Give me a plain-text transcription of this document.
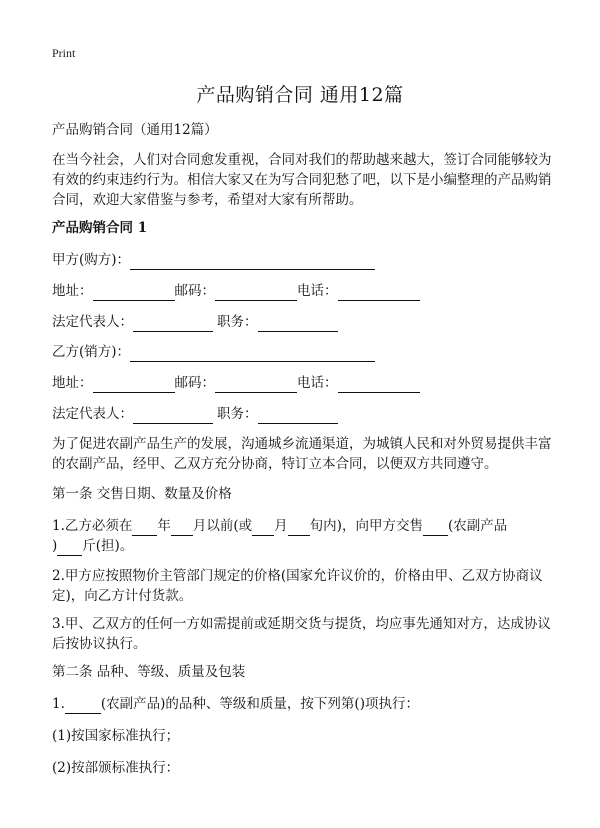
Print
产品购销合同 通用12篇
产品购销合同（通用12篇）
在当今社会，人们对合同愈发重视，合同对我们的帮助越来越大，签订合同能够较为有效的约束违约行为。相信大家又在为写合同犯愁了吧，以下是小编整理的产品购销合同，欢迎大家借鉴与参考，希望对大家有所帮助。
产品购销合同 1
甲方(购方)：
地址：	邮码：	电话：
法定代表人：	职务：
乙方(销方)：
地址：	邮码：	电话：
法定代表人：	职务：
为了促进农副产品生产的发展，沟通城乡流通渠道，为城镇人民和对外贸易提供丰富的农副产品，经甲、乙双方充分协商，特订立本合同，以便双方共同遵守。
第一条 交售日期、数量及价格
1.乙方必须在 年 月以前(或 月 旬内)，向甲方交售 (农副产品
) 斤(担)。
2.甲方应按照物价主管部门规定的价格(国家允许议价的，价格由甲、乙双方协商议定)，向乙方计付货款。
3.甲、乙双方的任何一方如需提前或延期交货与提货，均应事先通知对方，达成协议后按协议执行。
第二条 品种、等级、质量及包装
1.	(农副产品)的品种、等级和质量，按下列第()项执行：
(1)按国家标准执行；
(2)按部颁标准执行：
